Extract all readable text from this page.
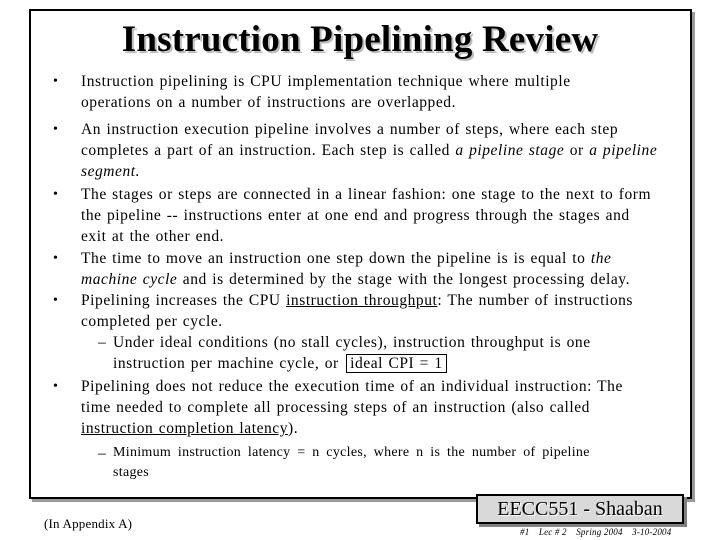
Instruction Pipelining Review
•	Instruction pipelining is CPU implementation technique where multiple
operations on a number of instructions are overlapped.
•	An instruction execution pipeline involves a number of steps, where each step
completes a part of an instruction. Each step is called a pipeline stage or a pipeline
segment.
•	The stages or steps are connected in a linear fashion: one stage to the next to form
the pipeline -- instructions enter at one end and progress through the stages and
exit at the other end.
•	The time to move an instruction one step down the pipeline is is equal to the
machine cycle and is determined by the stage with the longest processing delay.
•	Pipelining increases the CPU instruction throughput: The number of instructions
completed per cycle.
– Under ideal conditions (no stall cycles), instruction throughput is one
instruction per machine cycle, or ideal CPI = 1
•	Pipelining does not reduce the execution time of an individual instruction: The
time needed to complete all processing steps of an instruction (also called
instruction completion latency).
– Minimum instruction latency = n cycles, where n is the number of pipeline
stages
(In Appendix A)
EECC551 - Shaaban
#1 Lec # 2 Spring 2004 3-10-2004
